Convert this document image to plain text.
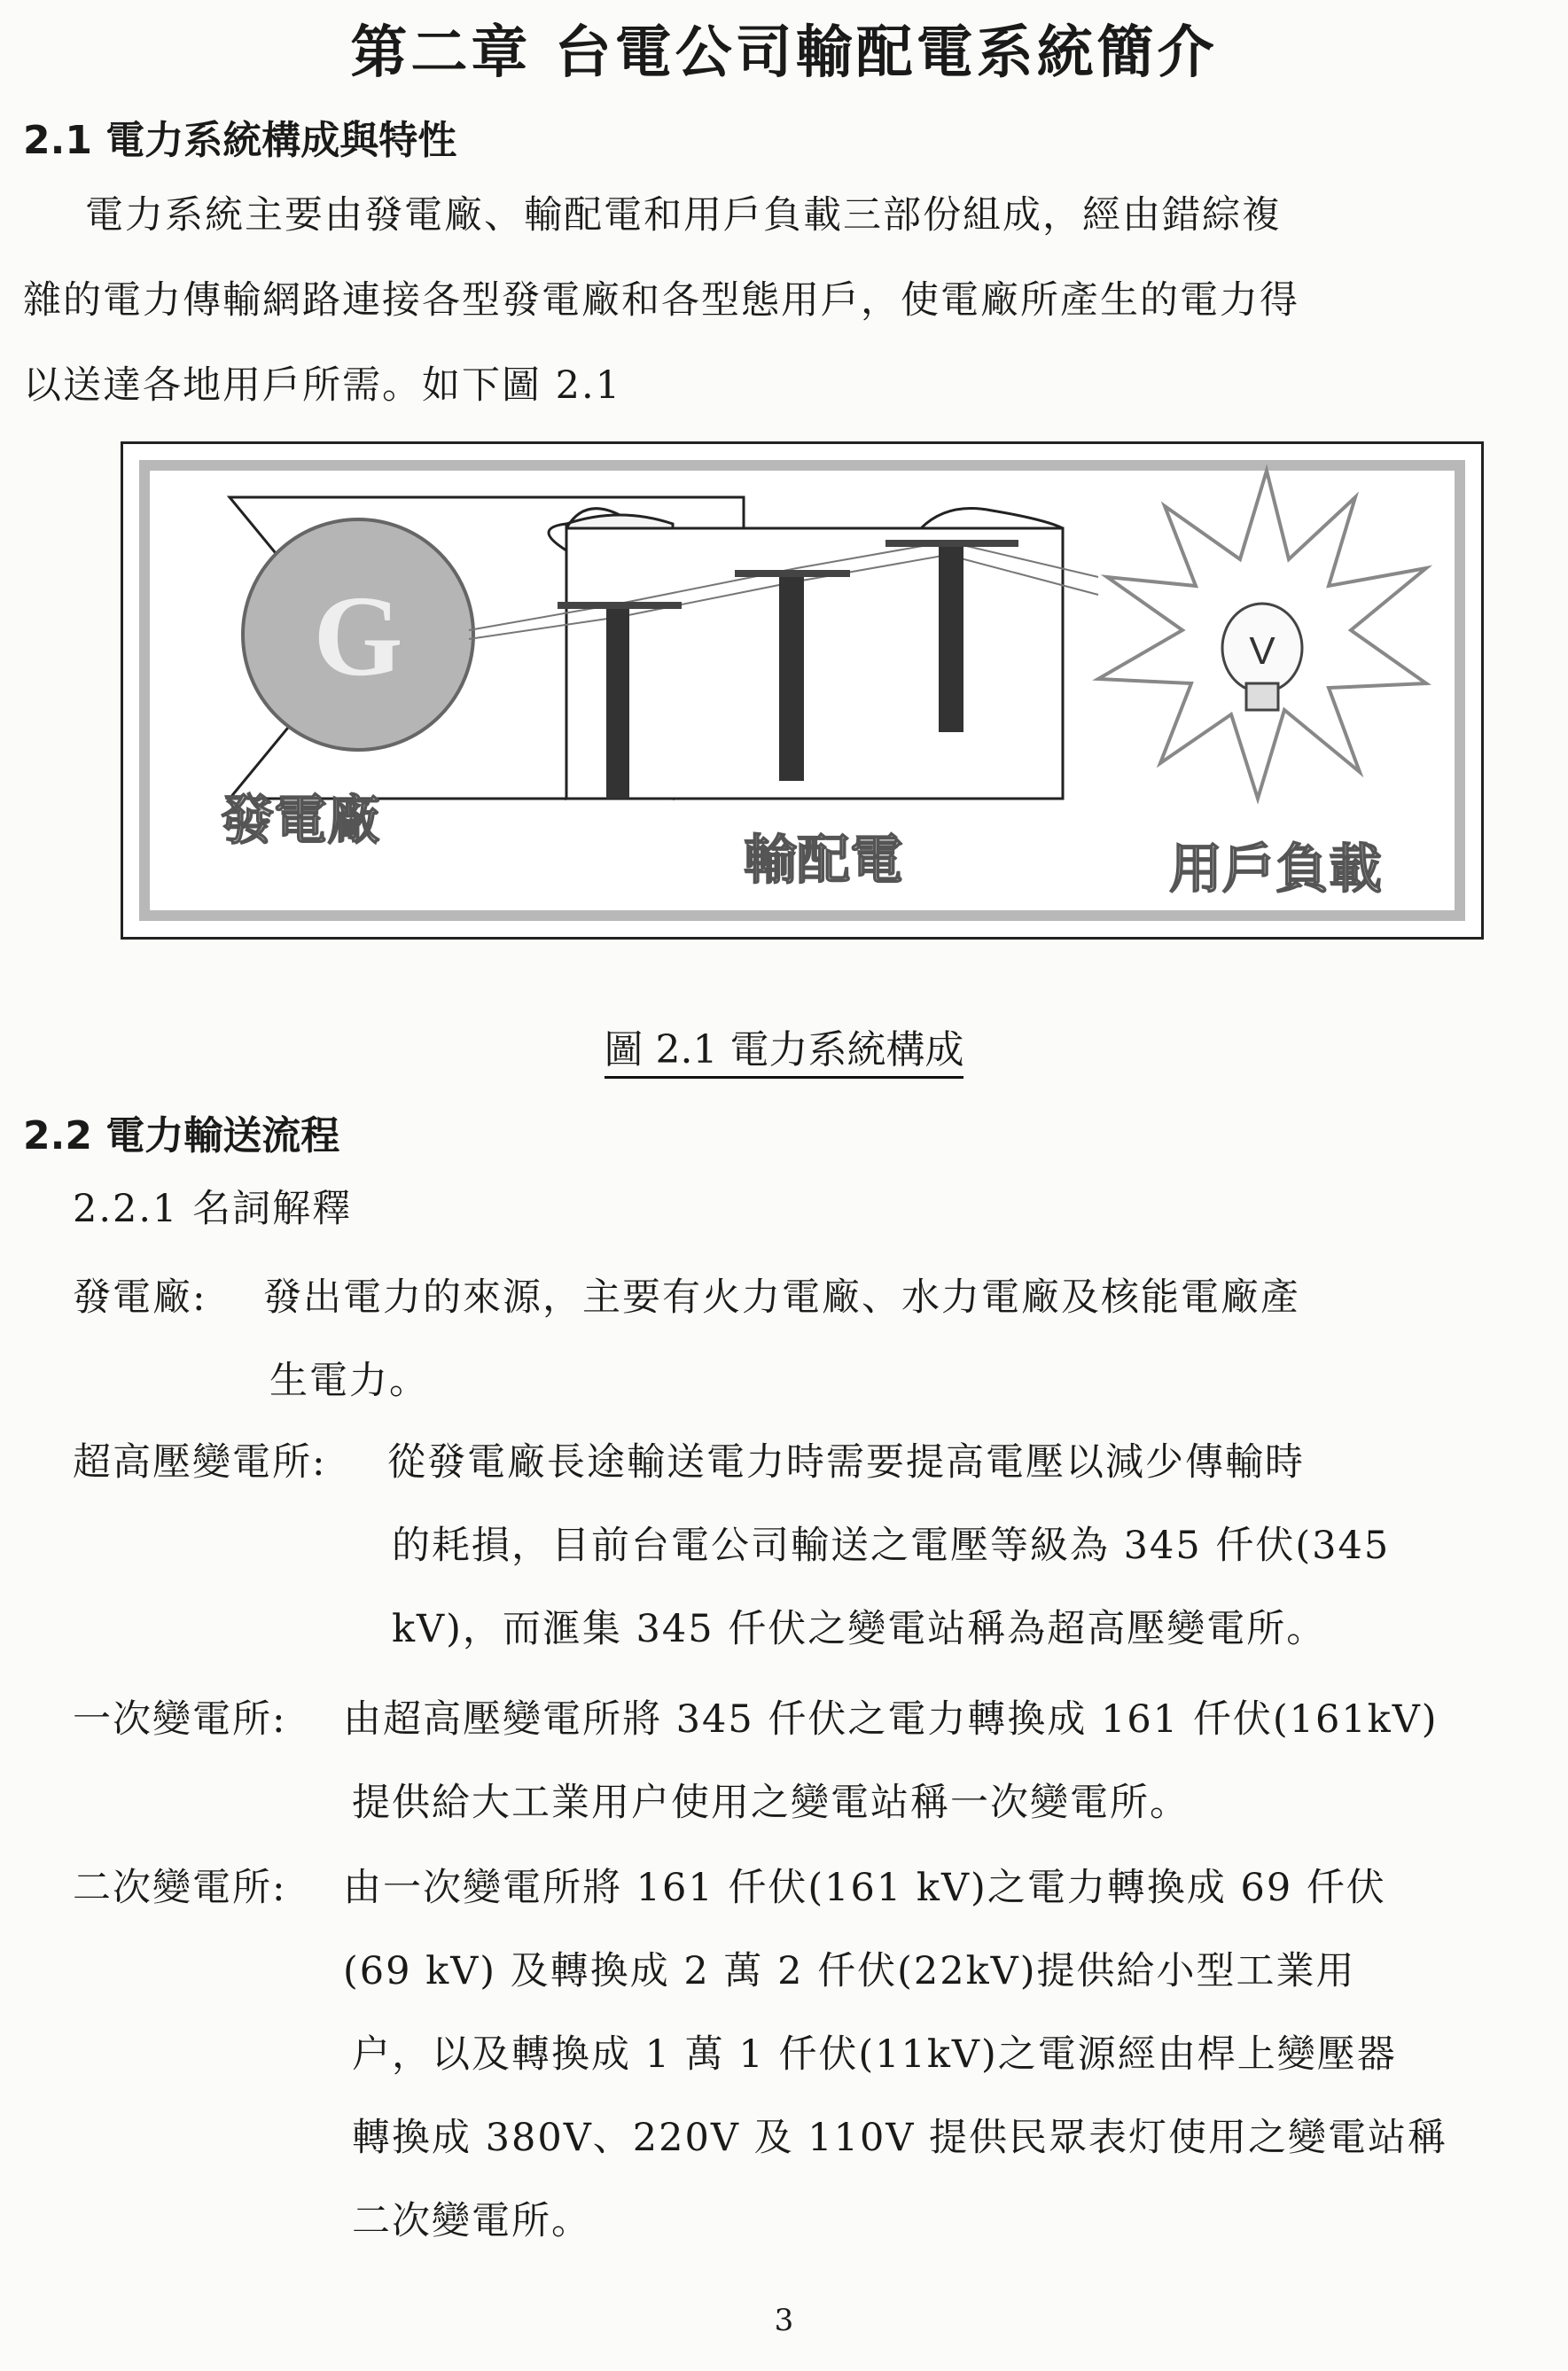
第二章 台電公司輸配電系統簡介
2.1 電力系統構成與特性
電力系統主要由發電廠、輸配電和用戶負載三部份組成，經由錯綜複
雜的電力傳輸網路連接各型發電廠和各型態用戶，使電廠所產生的電力得
以送達各地用戶所需。如下圖 2.1
G	V
發電廠
輸配電	用戶負載
圖 2.1 電力系統構成
2.2 電力輸送流程
2.2.1 名詞解釋
發電廠: 發出電力的來源，主要有火力電廠、水力電廠及核能電廠產
生電力。
超高壓變電所: 從發電廠長途輸送電力時需要提高電壓以減少傳輸時
的耗損，目前台電公司輸送之電壓等級為 345 仟伏(345
kV)，而滙集 345 仟伏之變電站稱為超高壓變電所。
一次變電所: 由超高壓變電所將 345 仟伏之電力轉換成 161 仟伏(161kV)
提供給大工業用户使用之變電站稱一次變電所。
二次變電所: 由一次變電所將 161 仟伏(161 kV)之電力轉換成 69 仟伏
(69 kV) 及轉換成 2 萬 2 仟伏(22kV)提供給小型工業用
户，以及轉換成 1 萬 1 仟伏(11kV)之電源經由桿上變壓器
轉換成 380V、220V 及 110V 提供民眾表灯使用之變電站稱
二次變電所。
3
